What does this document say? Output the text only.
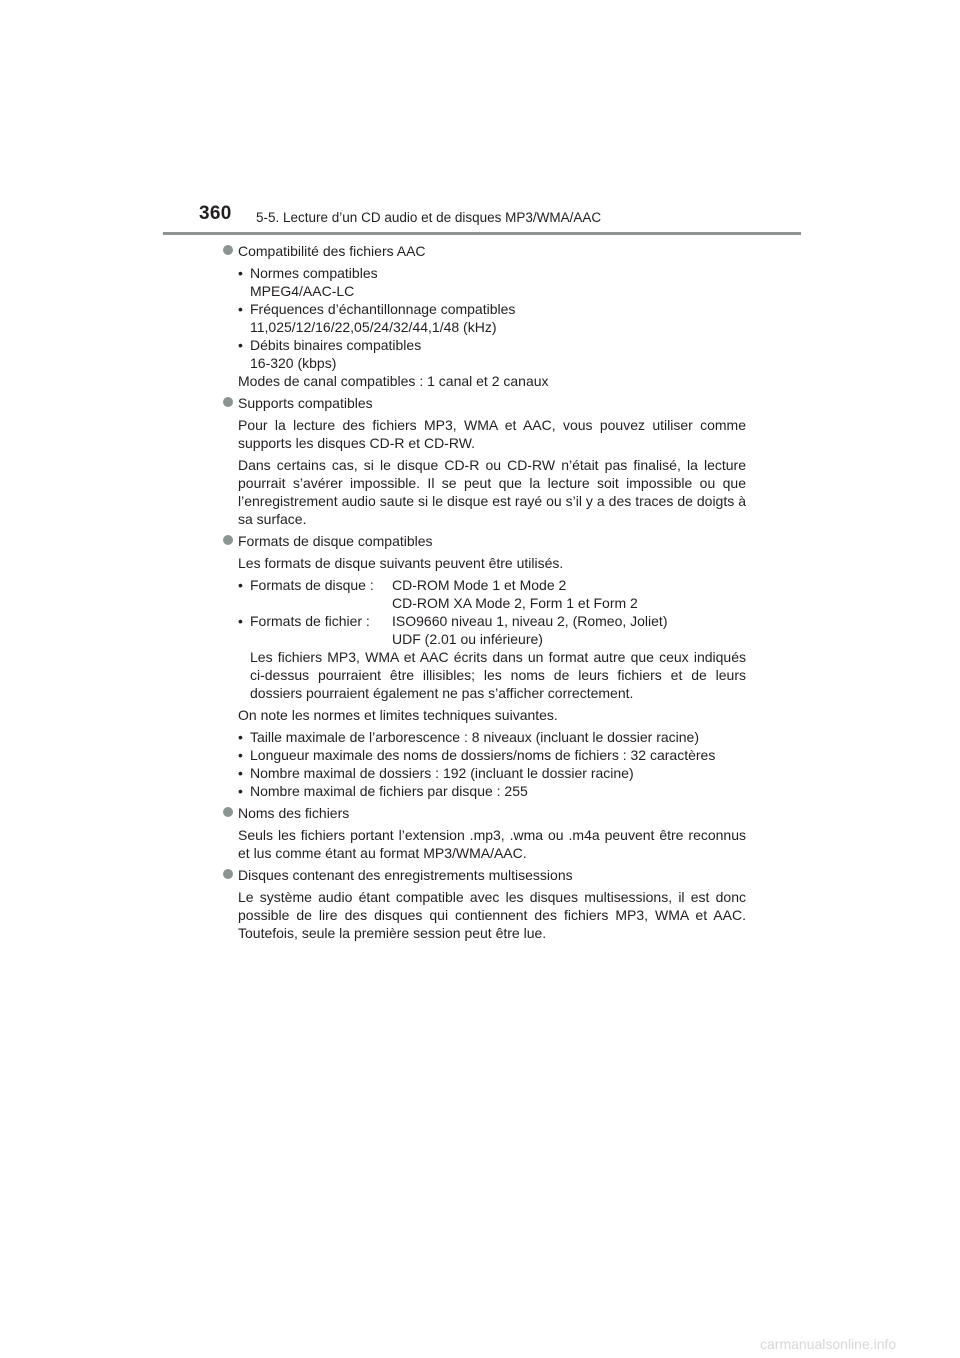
360 5-5. Lecture d’un CD audio et de disques MP3/WMA/AAC
Compatibilité des fichiers AAC
• Normes compatibles
MPEG4/AAC-LC
• Fréquences d’échantillonnage compatibles
11,025/12/16/22,05/24/32/44,1/48 (kHz)
• Débits binaires compatibles
16-320 (kbps)
Modes de canal compatibles : 1 canal et 2 canaux
Supports compatibles
Pour la lecture des fichiers MP3, WMA et AAC, vous pouvez utiliser comme supports les disques CD-R et CD-RW.
Dans certains cas, si le disque CD-R ou CD-RW n’était pas finalisé, la lecture pourrait s’avérer impossible. Il se peut que la lecture soit impossible ou que l’enregistrement audio saute si le disque est rayé ou s’il y a des traces de doigts à sa surface.
Formats de disque compatibles
Les formats de disque suivants peuvent être utilisés.
• Formats de disque :	CD-ROM Mode 1 et Mode 2
CD-ROM XA Mode 2, Form 1 et Form 2
• Formats de fichier :	ISO9660 niveau 1, niveau 2, (Romeo, Joliet)
UDF (2.01 ou inférieure)
Les fichiers MP3, WMA et AAC écrits dans un format autre que ceux indiqués ci-dessus pourraient être illisibles; les noms de leurs fichiers et de leurs dossiers pourraient également ne pas s’afficher correctement.
On note les normes et limites techniques suivantes.
• Taille maximale de l’arborescence : 8 niveaux (incluant le dossier racine)
• Longueur maximale des noms de dossiers/noms de fichiers : 32 caractères
• Nombre maximal de dossiers : 192 (incluant le dossier racine)
• Nombre maximal de fichiers par disque : 255
Noms des fichiers
Seuls les fichiers portant l’extension .mp3, .wma ou .m4a peuvent être reconnus et lus comme étant au format MP3/WMA/AAC.
Disques contenant des enregistrements multisessions
Le système audio étant compatible avec les disques multisessions, il est donc possible de lire des disques qui contiennent des fichiers MP3, WMA et AAC. Toutefois, seule la première session peut être lue.
carmanualsonline.info
